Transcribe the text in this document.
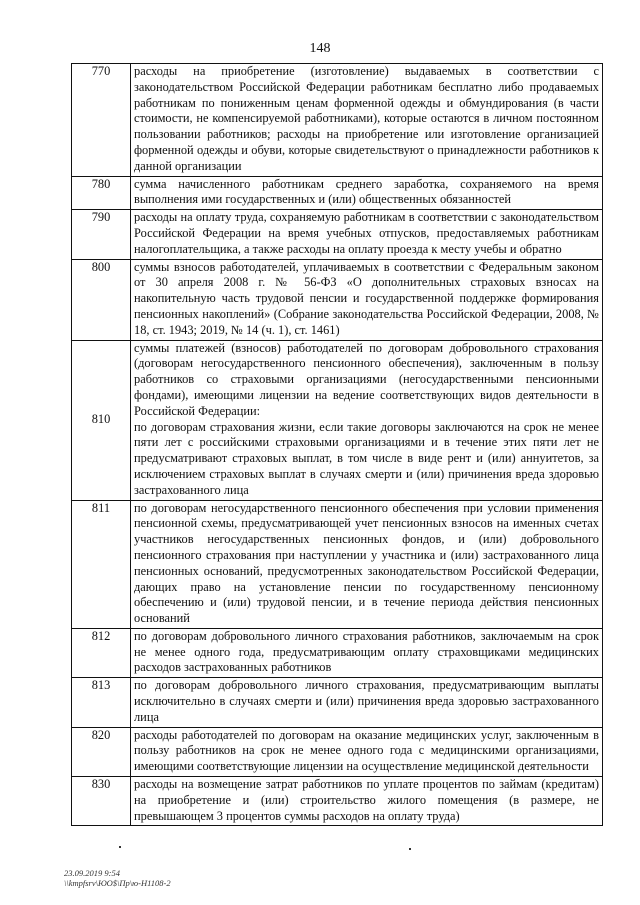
148
770	расходы на приобретение (изготовление) выдаваемых в соответствии с законодательством Российской Федерации работникам бесплатно либо продаваемых работникам по пониженным ценам форменной одежды и обмундирования (в части стоимости, не компенсируемой работниками), которые остаются в личном постоянном пользовании работников; расходы на приобретение или изготовление организацией форменной одежды и обуви, которые свидетельствуют о принадлежности работников к данной организации
780	сумма начисленного работникам среднего заработка, сохраняемого на время выполнения ими государственных и (или) общественных обязанностей
790	расходы на оплату труда, сохраняемую работникам в соответствии с законодательством Российской Федерации на время учебных отпусков, предоставляемых работникам налогоплательщика, а также расходы на оплату проезда к месту учебы и обратно
800	суммы взносов работодателей, уплачиваемых в соответствии с Федеральным законом от 30 апреля 2008 г. № 56-ФЗ «О дополнительных страховых взносах на накопительную часть трудовой пенсии и государственной поддержке формирования пенсионных накоплений» (Собрание законодательства Российской Федерации, 2008, № 18, ст. 1943; 2019, № 14 (ч. 1), ст. 1461)
810	суммы платежей (взносов) работодателей по договорам добровольного страхования (договорам негосударственного пенсионного обеспечения), заключенным в пользу работников со страховыми организациями (негосударственными пенсионными фондами), имеющими лицензии на ведение соответствующих видов деятельности в Российской Федерации:
по договорам страхования жизни, если такие договоры заключаются на срок не менее пяти лет с российскими страховыми организациями и в течение этих пяти лет не предусматривают страховых выплат, в том числе в виде рент и (или) аннуитетов, за исключением страховых выплат в случаях смерти и (или) причинения вреда здоровью застрахованного лица

811	по договорам негосударственного пенсионного обеспечения при условии применения пенсионной схемы, предусматривающей учет пенсионных взносов на именных счетах участников негосударственных пенсионных фондов, и (или) добровольного пенсионного страхования при наступлении у участника и (или) застрахованного лица пенсионных оснований, предусмотренных законодательством Российской Федерации, дающих право на установление пенсии по государственному пенсионному обеспечению и (или) трудовой пенсии, и в течение периода действия пенсионных оснований
812	по договорам добровольного личного страхования работников, заключаемым на срок не менее одного года, предусматривающим оплату страховщиками медицинских расходов застрахованных работников
813	по договорам добровольного личного страхования, предусматривающим выплаты исключительно в случаях смерти и (или) причинения вреда здоровью застрахованного лица
820	расходы работодателей по договорам на оказание медицинских услуг, заключенным в пользу работников на срок не менее одного года с медицинскими организациями, имеющими соответствующие лицензии на осуществление медицинской деятельности
830	расходы на возмещение затрат работников по уплате процентов по займам (кредитам) на приобретение и (или) строительство жилого помещения (в размере, не превышающем 3 процентов суммы расходов на оплату труда)
23.09.2019 9:54
\\kmpfsrv\ЮО$\Пр\ю-Н1108-2
